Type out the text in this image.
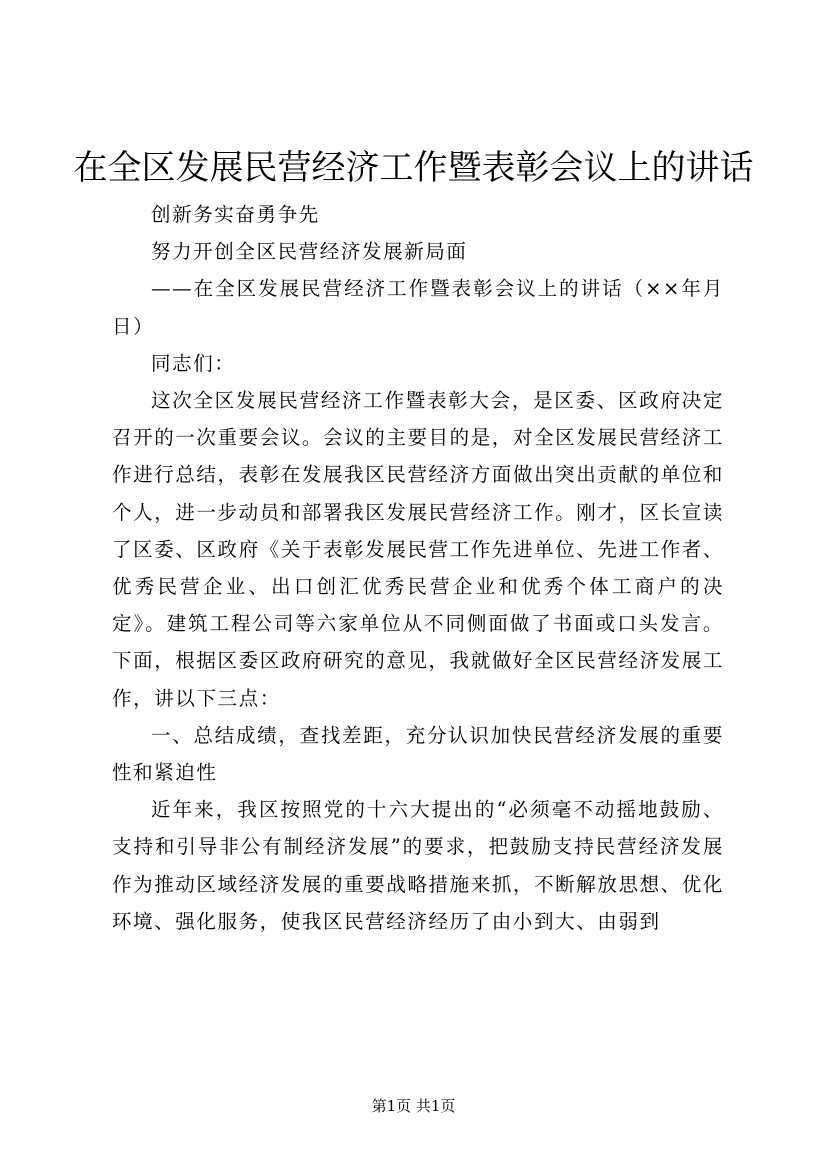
在全区发展民营经济工作暨表彰会议上的讲话

创新务实奋勇争先

努力开创全区民营经济发展新局面

——在全区发展民营经济工作暨表彰会议上的讲话（××年月日）

同志们：

这次全区发展民营经济工作暨表彰大会，是区委、区政府决定召开的一次重要会议。会议的主要目的是，对全区发展民营经济工作进行总结，表彰在发展我区民营经济方面做出突出贡献的单位和个人，进一步动员和部署我区发展民营经济工作。刚才，区长宣读了区委、区政府《关于表彰发展民营工作先进单位、先进工作者、优秀民营企业、出口创汇优秀民营企业和优秀个体工商户的决定》。建筑工程公司等六家单位从不同侧面做了书面或口头发言。下面，根据区委区政府研究的意见，我就做好全区民营经济发展工作，讲以下三点：

一、总结成绩，查找差距，充分认识加快民营经济发展的重要性和紧迫性

近年来，我区按照党的十六大提出的“必须毫不动摇地鼓励、支持和引导非公有制经济发展”的要求，把鼓励支持民营经济发展作为推动区域经济发展的重要战略措施来抓，不断解放思想、优化环境、强化服务，使我区民营经济经历了由小到大、由弱到

第1页 共1页
